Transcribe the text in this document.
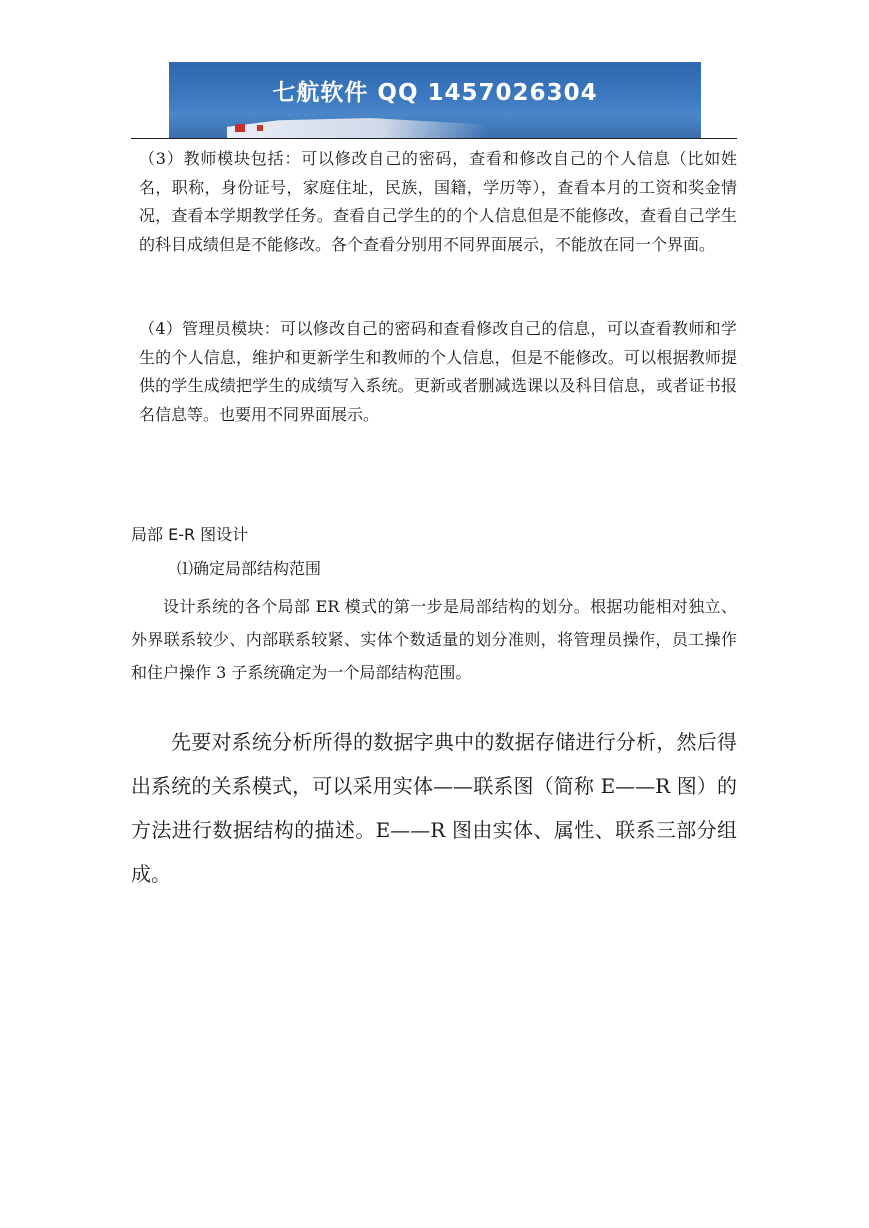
七航软件 QQ 1457026304

（3）教师模块包括：可以修改自己的密码，查看和修改自己的个人信息（比如姓名，职称，身份证号，家庭住址，民族，国籍，学历等），查看本月的工资和奖金情况，查看本学期教学任务。查看自己学生的的个人信息但是不能修改，查看自己学生的科目成绩但是不能修改。各个查看分别用不同界面展示，不能放在同一个界面。

（4）管理员模块：可以修改自己的密码和查看修改自己的信息，可以查看教师和学生的个人信息，维护和更新学生和教师的个人信息，但是不能修改。可以根据教师提供的学生成绩把学生的成绩写入系统。更新或者删减选课以及科目信息，或者证书报名信息等。也要用不同界面展示。

局部 E-R 图设计

⑴确定局部结构范围

设计系统的各个局部 ER 模式的第一步是局部结构的划分。根据功能相对独立、外界联系较少、内部联系较紧、实体个数适量的划分准则，将管理员操作，员工操作和住户操作 3 子系统确定为一个局部结构范围。

先要对系统分析所得的数据字典中的数据存储进行分析，然后得出系统的关系模式，可以采用实体——联系图（简称 E——R 图）的方法进行数据结构的描述。E——R 图由实体、属性、联系三部分组成。
